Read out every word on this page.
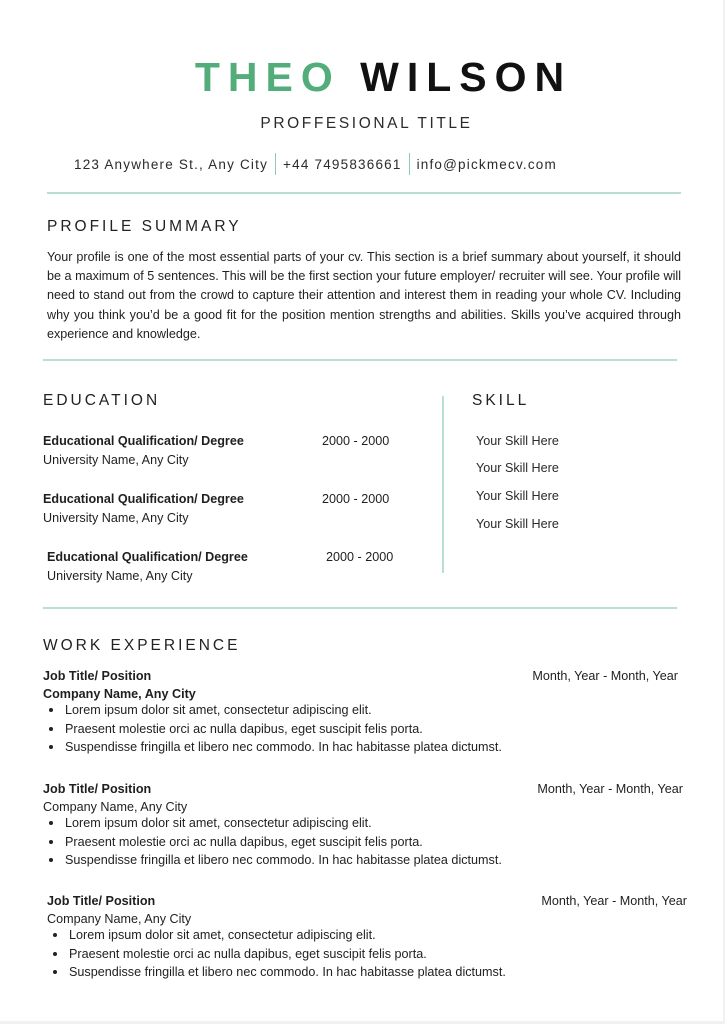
THEO WILSON
PROFFESIONAL TITLE
123 Anywhere St., Any City +44 7495836661 info@pickmecv.com
PROFILE SUMMARY
Your profile is one of the most essential parts of your cv. This section is a brief summary about yourself, it should be a maximum of 5 sentences. This will be the first section your future employer/ recruiter will see. Your profile will need to stand out from the crowd to capture their attention and interest them in reading your whole CV. Including why you think you’d be a good fit for the position mention strengths and abilities. Skills you’ve acquired through experience and knowledge.
EDUCATION
Educational Qualification/ Degree	2000 - 2000
University Name, Any City
Educational Qualification/ Degree	2000 - 2000
University Name, Any City
Educational Qualification/ Degree	2000 - 2000
University Name, Any City
SKILL
Your Skill Here
Your Skill Here
Your Skill Here
Your Skill Here
WORK EXPERIENCE
Job Title/ Position	Month, Year - Month, Year
Company Name, Any City
Lorem ipsum dolor sit amet, consectetur adipiscing elit.
Praesent molestie orci ac nulla dapibus, eget suscipit felis porta.
Suspendisse fringilla et libero nec commodo. In hac habitasse platea dictumst.
Job Title/ Position	Month, Year - Month, Year
Company Name, Any City
Lorem ipsum dolor sit amet, consectetur adipiscing elit.
Praesent molestie orci ac nulla dapibus, eget suscipit felis porta.
Suspendisse fringilla et libero nec commodo. In hac habitasse platea dictumst.
Job Title/ Position	Month, Year - Month, Year
Company Name, Any City
Lorem ipsum dolor sit amet, consectetur adipiscing elit.
Praesent molestie orci ac nulla dapibus, eget suscipit felis porta.
Suspendisse fringilla et libero nec commodo. In hac habitasse platea dictumst.
